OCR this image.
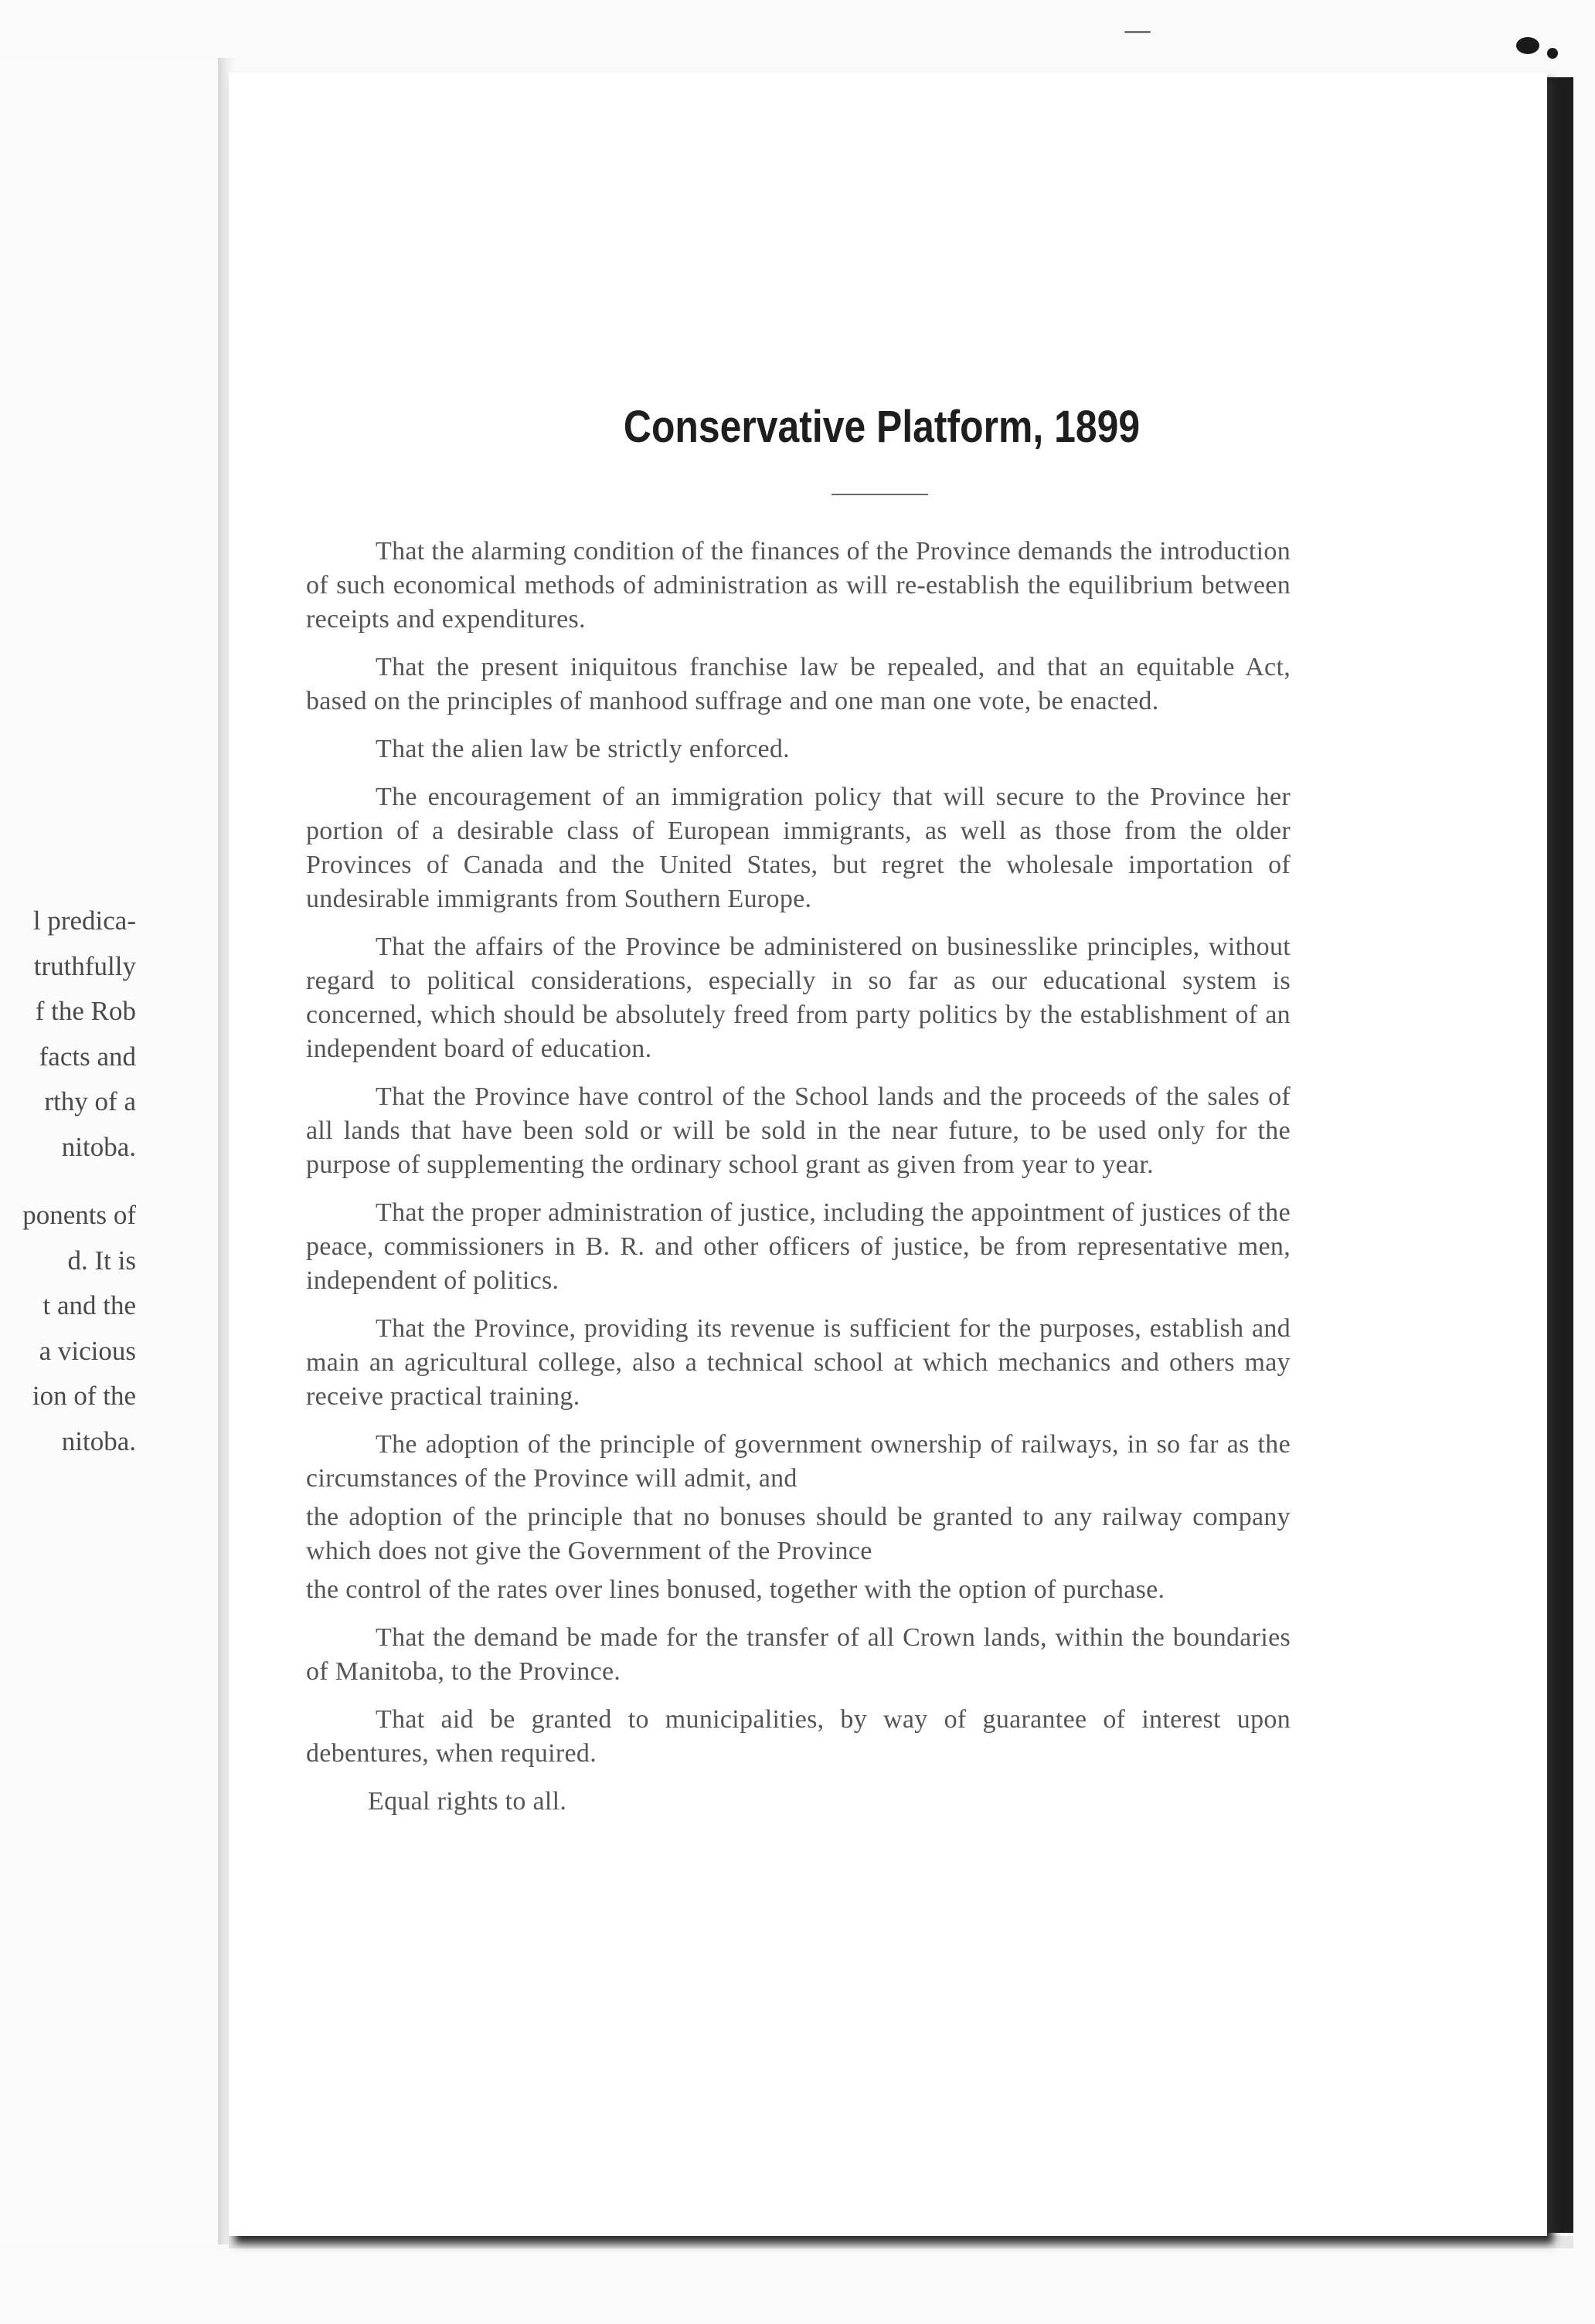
l predica-
truthfully
f the Rob
facts and
rthy of a
nitoba.
ponents of
d. It is
t and the
a vicious
ion of the
nitoba.
Conservative Platform, 1899

That the alarming condition of the finances of the Province demands the introduction of such economical methods of administration as will re-establish the equilibrium between receipts and expenditures.

That the present iniquitous franchise law be repealed, and that an equitable Act, based on the principles of manhood suffrage and one man one vote, be enacted.

That the alien law be strictly enforced.

The encouragement of an immigration policy that will secure to the Province her portion of a desirable class of European immigrants, as well as those from the older Provinces of Canada and the United States, but regret the wholesale importation of undesirable immigrants from Southern Europe.

That the affairs of the Province be administered on businesslike principles, without regard to political considerations, especially in so far as our educational system is concerned, which should be absolutely freed from party politics by the establishment of an independent board of education.

That the Province have control of the School lands and the proceeds of the sales of all lands that have been sold or will be sold in the near future, to be used only for the purpose of supplementing the ordinary school grant as given from year to year.

That the proper administration of justice, including the appointment of justices of the peace, commissioners in B. R. and other officers of justice, be from representative men, independent of politics.

That the Province, providing its revenue is sufficient for the purposes, establish and main an agricultural college, also a technical school at which mechanics and others may receive practical training.

The adoption of the principle of government ownership of railways, in so far as the circumstances of the Province will admit, and

the adoption of the principle that no bonuses should be granted to any railway company which does not give the Government of the Province

the control of the rates over lines bonused, together with the option of purchase.

That the demand be made for the transfer of all Crown lands, within the boundaries of Manitoba, to the Province.

That aid be granted to municipalities, by way of guarantee of interest upon debentures, when required.

Equal rights to all.
